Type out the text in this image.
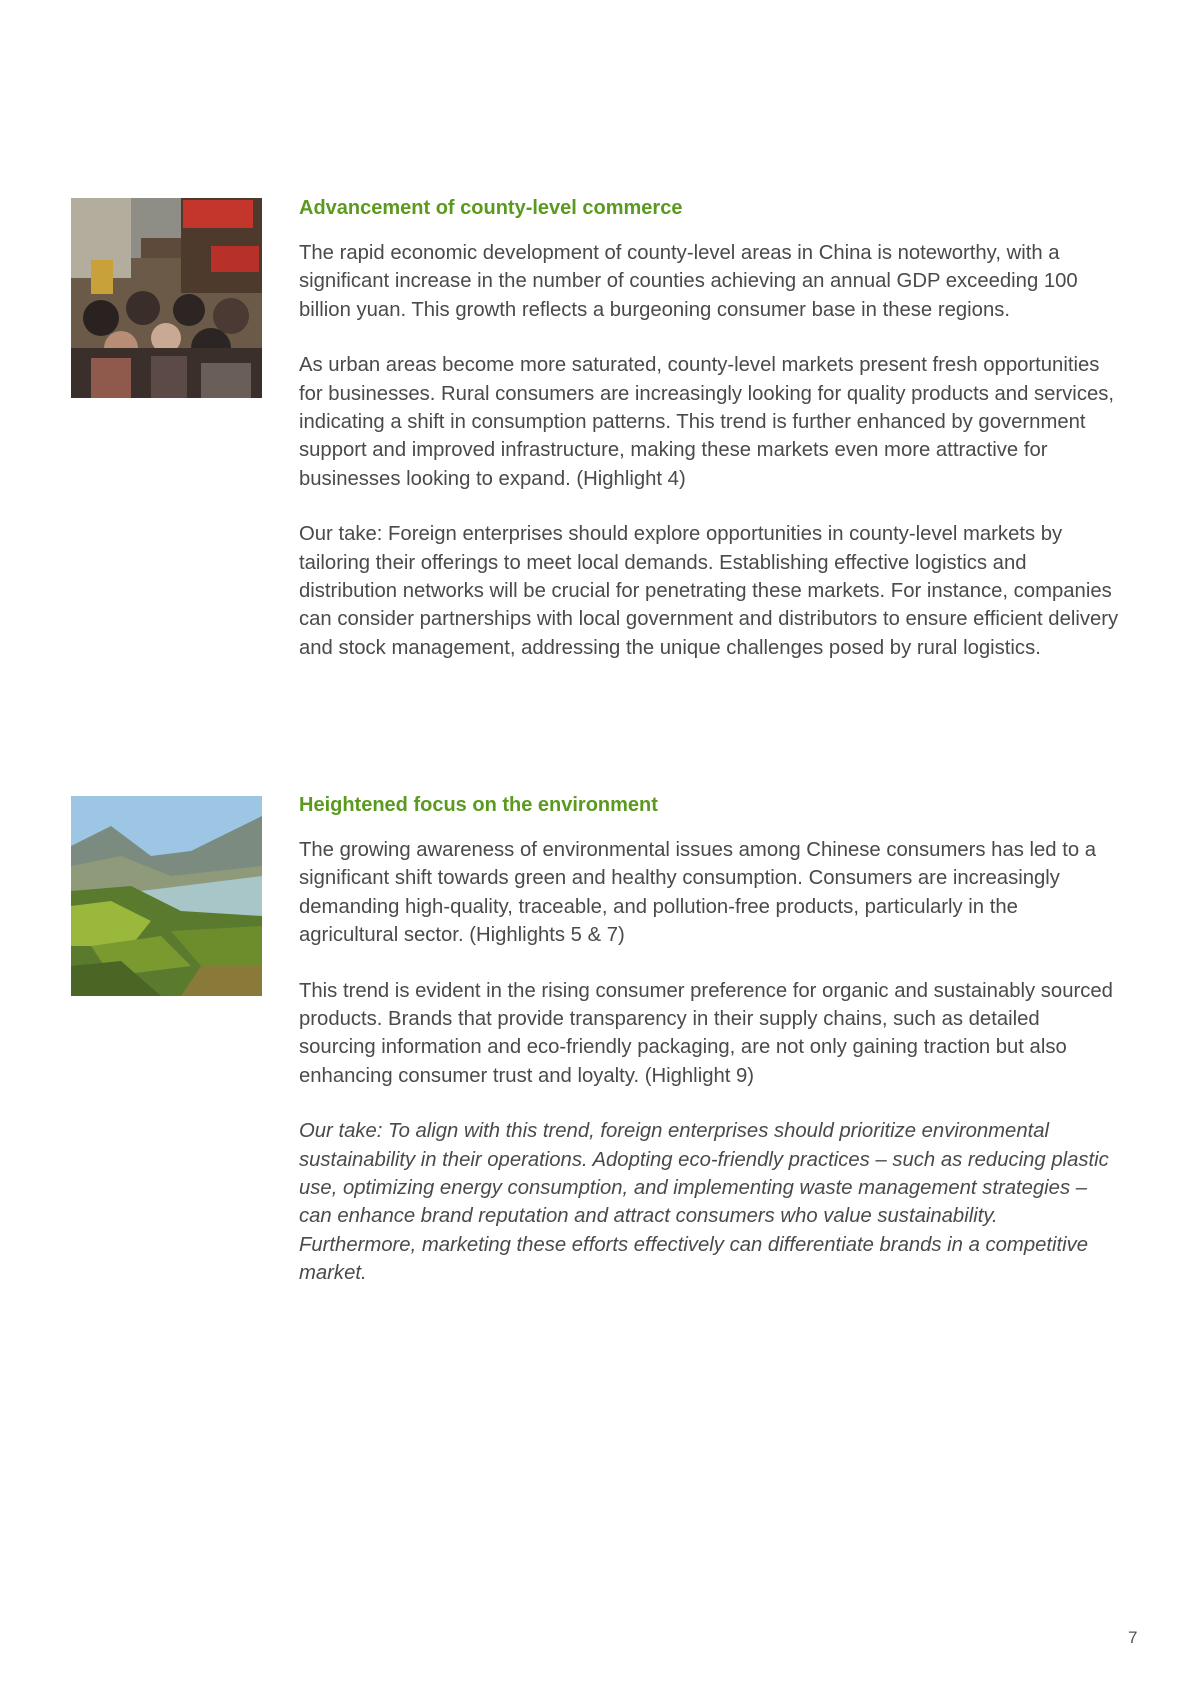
Advancement of county-level commerce

The rapid economic development of county-level areas in China is noteworthy, with a significant increase in the number of counties achieving an annual GDP exceeding 100 billion yuan. This growth reflects a burgeoning consumer base in these regions.

As urban areas become more saturated, county-level markets present fresh opportunities for businesses. Rural consumers are increasingly looking for quality products and services, indicating a shift in consumption patterns. This trend is further enhanced by government support and improved infrastructure, making these markets even more attractive for businesses looking to expand. (Highlight 4)

Our take: Foreign enterprises should explore opportunities in county-level markets by tailoring their offerings to meet local demands. Establishing effective logistics and distribution networks will be crucial for penetrating these markets. For instance, companies can consider partnerships with local government and distributors to ensure efficient delivery and stock management, addressing the unique challenges posed by rural logistics.

Heightened focus on the environment

The growing awareness of environmental issues among Chinese consumers has led to a significant shift towards green and healthy consumption. Consumers are increasingly demanding high-quality, traceable, and pollution-free products, particularly in the agricultural sector. (Highlights 5 & 7)

This trend is evident in the rising consumer preference for organic and sustainably sourced products. Brands that provide transparency in their supply chains, such as detailed sourcing information and eco-friendly packaging, are not only gaining traction but also enhancing consumer trust and loyalty. (Highlight 9)

Our take: To align with this trend, foreign enterprises should prioritize environmental sustainability in their operations. Adopting eco-friendly practices – such as reducing plastic use, optimizing energy consumption, and implementing waste management strategies – can enhance brand reputation and attract consumers who value sustainability. Furthermore, marketing these efforts effectively can differentiate brands in a competitive market.

7
